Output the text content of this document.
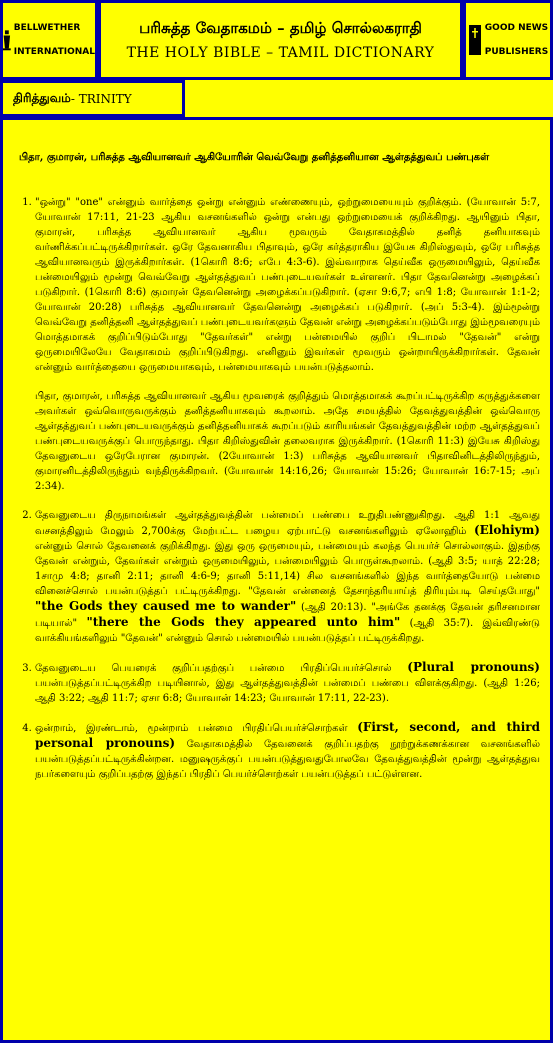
BELLWETHER

INTERNATIONAL

பரிசுத்த வேதாகமம் – தமிழ் சொல்லகராதி
THE HOLY BIBLE – TAMIL DICTIONARY

GOOD NEWS

PUBLISHERS

திரித்துவம் - TRINITY
பிதா, குமாரன், பரிசுத்த ஆவியானவர் ஆகியோரின் வெவ்வேறு தனித்தனியான ஆள்தத்துவப் பண்புகள்

1. "ஒன்று" "one" என்னும் வார்த்தை ஒன்று என்னும் எண்ணையும், ஒற்றுமையையும் குறிக்கும். (யோவான் 5:7, யோவான் 17:11, 21-23 ஆகிய வசனங்களில் ஒன்று என்பது ஒற்றுமையைக் குறிக்கிறது. ஆயினும் பிதா, குமாரன், பரிசுத்த ஆவியானவர் ஆகிய மூவரும் வேதாகமத்தில் தனித் தனியாகவும் வர்ணிக்கப்பட்டிருக்கிறார்கள். ஒரே தேவனாகிய பிதாவும், ஒரே கர்த்தராகிய இயேசு கிறிஸ்துவும், ஒரே பரிசுத்த ஆவியானவரும் இருக்கிறார்கள். (1கொரி 8:6; எபே 4:3-6). இவ்வாறாக தெய்வீக ஒருமையிலும், தெய்வீக பன்மையிலும் மூன்று வெவ்வேறு ஆள்தத்துவப் பண்புடையவர்கள் உள்ளனர். பிதா தேவனென்று அழைக்கப் படுகிறார். (1கொரி 8:6) குமாரன் தேவனென்று அழைக்கப்படுகிறார். (ஏசா 9:6,7; எபி 1:8; யோவான் 1:1-2; யோவான் 20:28) பரிசுத்த ஆவியானவர் தேவனென்று அழைக்கப் படுகிறார். (அப் 5:3-4). இம்மூன்று வெவ்வேறு தனித்தனி ஆள்தத்துவப் பண்புடையவர்களும் தேவன் என்று அழைக்கப்படும்போது இம்மூவரையும் மொத்தமாகக் குறிப்பிடும்போது "தேவர்கள்" என்று பன்மையில் குறிப் பிடாமல் "தேவன்" என்று ஒருமையிலேயே வேதாகமம் குறிப்பிடுகிறது. எனினும் இவர்கள் மூவரும் ஒன்றாயிருக்கிறார்கள். தேவன் என்னும் வார்த்தையை ஒருமையாகவும், பன்மையாகவும் பயன்படுத்தலாம்.

பிதா, குமாரன், பரிசுத்த ஆவியானவர் ஆகிய மூவரைக் குறித்தும் மொத்தமாகக் கூறப்பட்டிருக்கிற கருத்துக்களை அவர்கள் ஒவ்வொருவருக்கும் தனித்தனியாகவும் கூறலாம். அதே சமயத்தில் தேவத்துவத்தின் ஒவ்வொரு ஆள்தத்துவப் பண்புடையவருக்கும் தனித்தனியாகக் கூறப்படும் காரியங்கள் தேவத்துவத்தின் மற்ற ஆள்தத்துவப் பண்புடையவருக்குப் பொருந்தாது. பிதா கிறிஸ்துவின் தலைவராக இருக்கிறார். (1கொரி 11:3) இயேசு கிறிஸ்து தேவனுடைய ஒரேபேரான குமாரன். (2யோவான் 1:3) பரிசுத்த ஆவியானவர் பிதாவினிடத்திலிருந்தும், குமாரனிடத்திலிருந்தும் வந்திருக்கிறவர். (யோவான் 14:16,26; யோவான் 15:26; யோவான் 16:7-15; அப் 2:34).

2. தேவனுடைய திருநாமங்கள் ஆள்தத்துவத்தின் பன்மைப் பண்பை உறுதிபண்ணுகிறது. ஆதி 1:1 ஆவது வசனத்திலும் மேலும் 2,700க்கு மேற்பட்ட பழைய ஏற்பாட்டு வசனங்களிலும் ஏலோஹிம் (Elohiym) என்னும் சொல் தேவனைக் குறிக்கிறது. இது ஒரு ஒருமையும், பன்மையும் கலந்த பெயர்ச் சொல்லாகும். இதற்கு தேவன் என்றும், தேவர்கள் என்றும் ஒருமையிலும், பன்மையிலும் பொருள்கூறலாம். (ஆதி 3:5; யாத் 22:28; 1சாமு 4:8; தானி 2:11; தானி 4:6-9; தானி 5:11,14) சில வசனங்களில் இந்த வார்த்தையோடு பன்மை வினைச்சொல் பயன்படுத்தப் பட்டிருக்கிறது. "தேவன் என்னைத் தேசாந்தரியாய்த் திரியும்படி செய்தபோது" "the Gods they caused me to wander" (ஆதி 20:13). "அங்கே தனக்கு தேவன் தரிசனமான படியால்" "there the Gods they appeared unto him" (ஆதி 35:7). இவ்விரண்டு வாக்கியங்களிலும் "தேவன்" என்னும் சொல் பன்மையில் பயன்படுத்தப் பட்டிருக்கிறது.
3. தேவனுடைய பெயரைக் குறிப்பதற்குப் பன்மை பிரதிப்பெயர்ச்சொல் (Plural pronouns) பயன்படுத்தப்பட்டிருக்கிற படியினால், இது ஆள்தத்துவத்தின் பன்மைப் பண்பை விளக்குகிறது. (ஆதி 1:26; ஆதி 3:22; ஆதி 11:7; ஏசா 6:8; யோவான் 14:23; யோவான் 17:11, 22-23).
4. ஒன்றாம், இரண்டாம், மூன்றாம் பன்மை பிரதிப்பெயர்ச்சொற்கள் (First, second, and third personal pronouns) வேதாகமத்தில் தேவனைக் குறிப்பதற்கு நூற்றுக்கணக்கான வசனங்களில் பயன்படுத்தப்பட்டிருக்கின்றன. மனுஷருக்குப் பயன்படுத்துவதுபோலவே தேவத்துவத்தின் மூன்று ஆள்தத்துவ நபர்களையும் குறிப்பதற்கு இந்தப் பிரதிப் பெயர்ச்சொற்கள் பயன்படுத்தப் பட்டுள்ளன.
